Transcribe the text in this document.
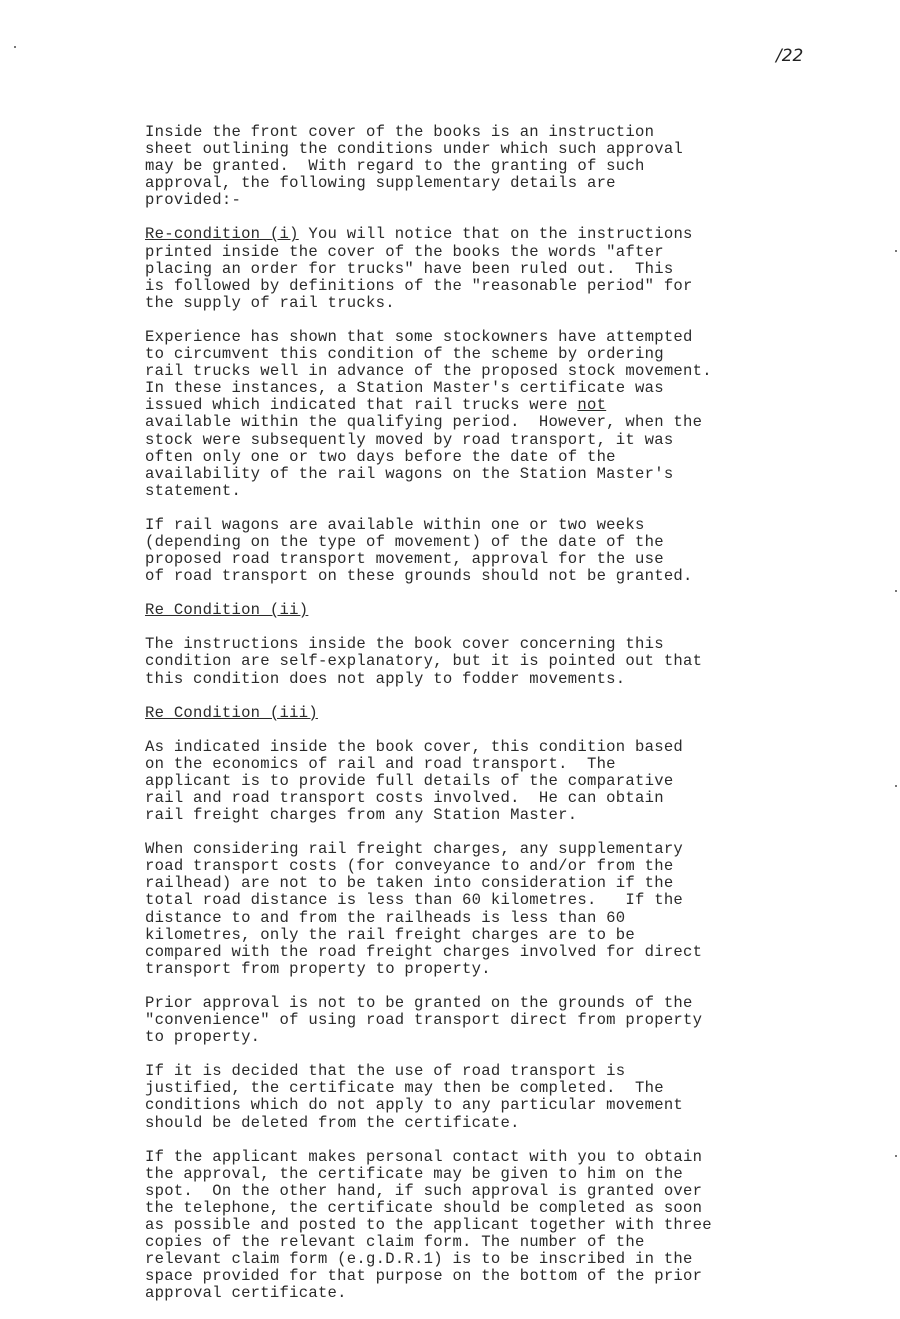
/22
Inside the front cover of the books is an instruction
sheet outlining the conditions under which such approval
may be granted.  With regard to the granting of such
approval, the following supplementary details are
provided:-
Re-condition (i) You will notice that on the instructions
printed inside the cover of the books the words "after
placing an order for trucks" have been ruled out.  This
is followed by definitions of the "reasonable period" for
the supply of rail trucks.
Experience has shown that some stockowners have attempted
to circumvent this condition of the scheme by ordering
rail trucks well in advance of the proposed stock movement.
In these instances, a Station Master's certificate was
issued which indicated that rail trucks were not
available within the qualifying period.  However, when the
stock were subsequently moved by road transport, it was
often only one or two days before the date of the
availability of the rail wagons on the Station Master's
statement.
If rail wagons are available within one or two weeks
(depending on the type of movement) of the date of the
proposed road transport movement, approval for the use
of road transport on these grounds should not be granted.
Re Condition (ii)
The instructions inside the book cover concerning this
condition are self-explanatory, but it is pointed out that
this condition does not apply to fodder movements.
Re Condition (iii)
As indicated inside the book cover, this condition based
on the economics of rail and road transport.  The
applicant is to provide full details of the comparative
rail and road transport costs involved.  He can obtain
rail freight charges from any Station Master.
When considering rail freight charges, any supplementary
road transport costs (for conveyance to and/or from the
railhead) are not to be taken into consideration if the
total road distance is less than 60 kilometres.   If the
distance to and from the railheads is less than 60
kilometres, only the rail freight charges are to be
compared with the road freight charges involved for direct
transport from property to property.
Prior approval is not to be granted on the grounds of the
"convenience" of using road transport direct from property
to property.
If it is decided that the use of road transport is
justified, the certificate may then be completed.  The
conditions which do not apply to any particular movement
should be deleted from the certificate.
If the applicant makes personal contact with you to obtain
the approval, the certificate may be given to him on the
spot.  On the other hand, if such approval is granted over
the telephone, the certificate should be completed as soon
as possible and posted to the applicant together with three
copies of the relevant claim form. The number of the
relevant claim form (e.g.D.R.1) is to be inscribed in the
space provided for that purpose on the bottom of the prior
approval certificate.
